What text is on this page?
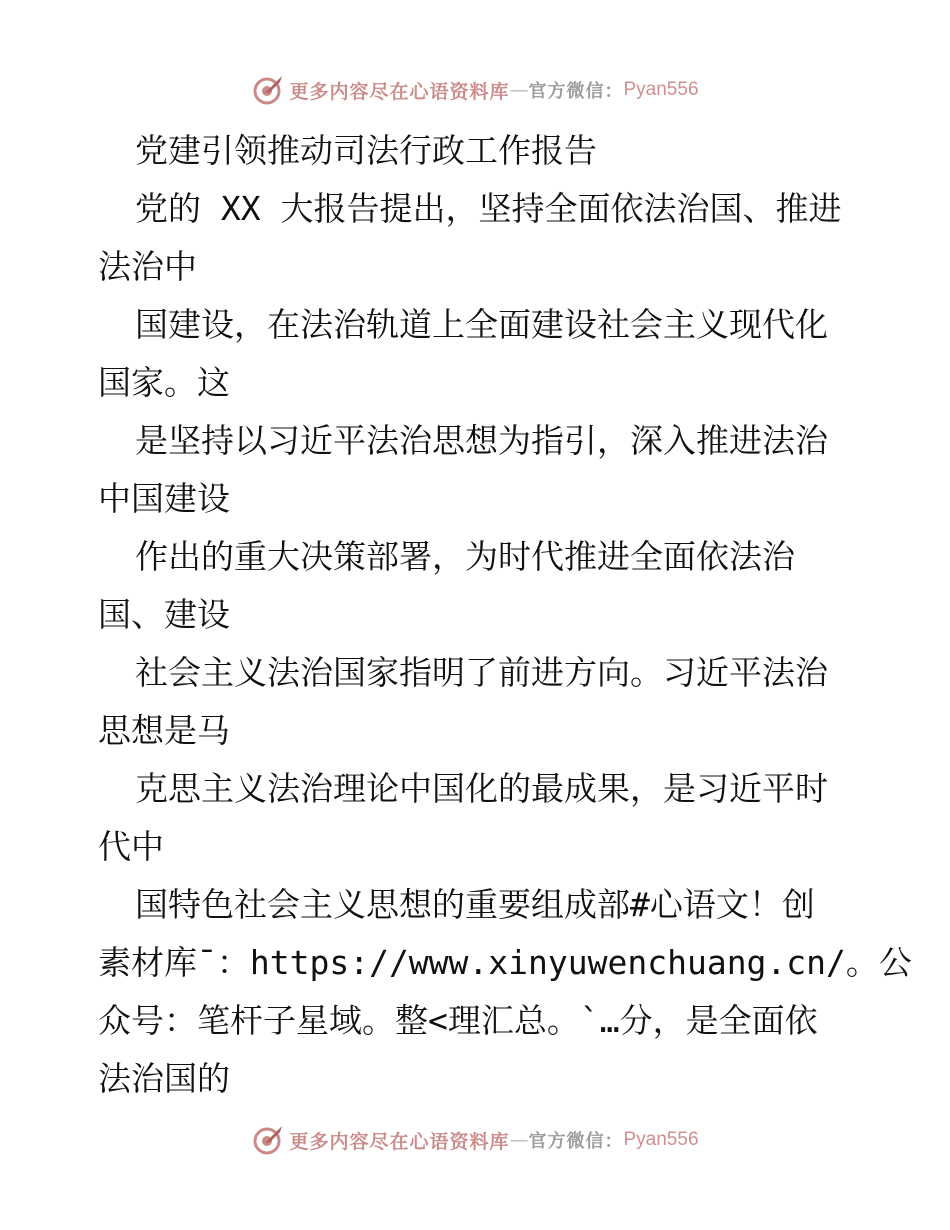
更多内容尽在心语资料库 — 官方微信： Pyan556

党建引领推动司法行政工作报告

党的 XX 大报告提出，坚持全面依法治国、推进

法治中

国建设，在法治轨道上全面建设社会主义现代化

国家。这

是坚持以习近平法治思想为指引，深入推进法治

中国建设

作出的重大决策部署，为时代推进全面依法治

国、建设

社会主义法治国家指明了前进方向。习近平法治

思想是马

克思主义法治理论中国化的最成果，是习近平时

代中

国特色社会主义思想的重要组成部#心语文！创

素材库¯：https://www.xinyuwenchuang.cn/。公

众号：笔杆子星域。整<理汇总。`…分，是全面依

法治国的

更多内容尽在心语资料库 — 官方微信： Pyan556
